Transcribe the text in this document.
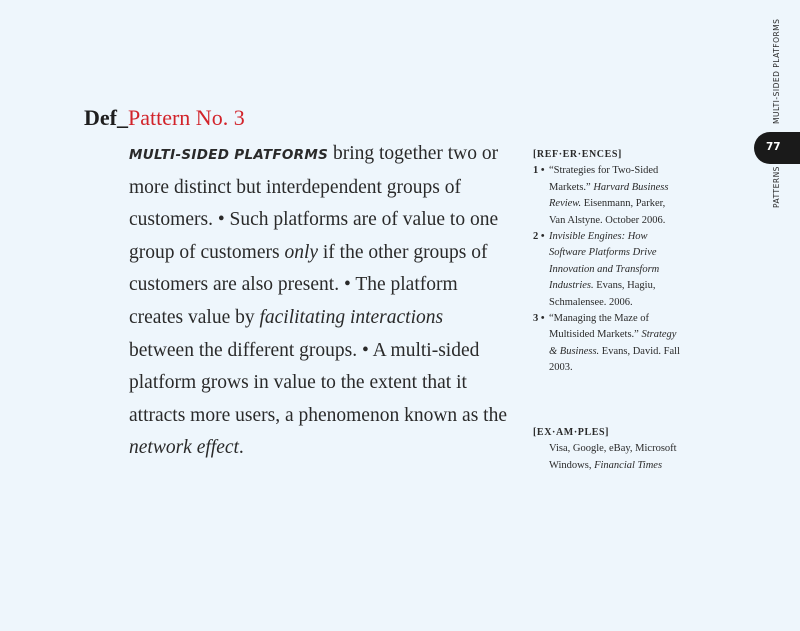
Def_Pattern No. 3
MULTI-SIDED PLATFORMS bring together two or more distinct but interdependent groups of customers. • Such platforms are of value to one group of customers only if the other groups of customers are also present. • The platform creates value by facilitating interactions between the different groups. • A multi-sided platform grows in value to the extent that it attracts more users, a phenomenon known as the network effect.
[REF·ER·ENCES]
1 • “Strategies for Two-Sided Markets.” Harvard Business Review. Eisenmann, Parker, Van Alstyne. October 2006.
2 • Invisible Engines: How Software Platforms Drive Innovation and Transform Industries. Evans, Hagiu, Schmalensee. 2006.
3 • “Managing the Maze of Multisided Markets.” Strategy & Business. Evans, David. Fall 2003.
[EX·AM·PLES]
Visa, Google, eBay, Microsoft Windows, Financial Times
77
MULTI-SIDED PLATFORMS
PATTERNS
